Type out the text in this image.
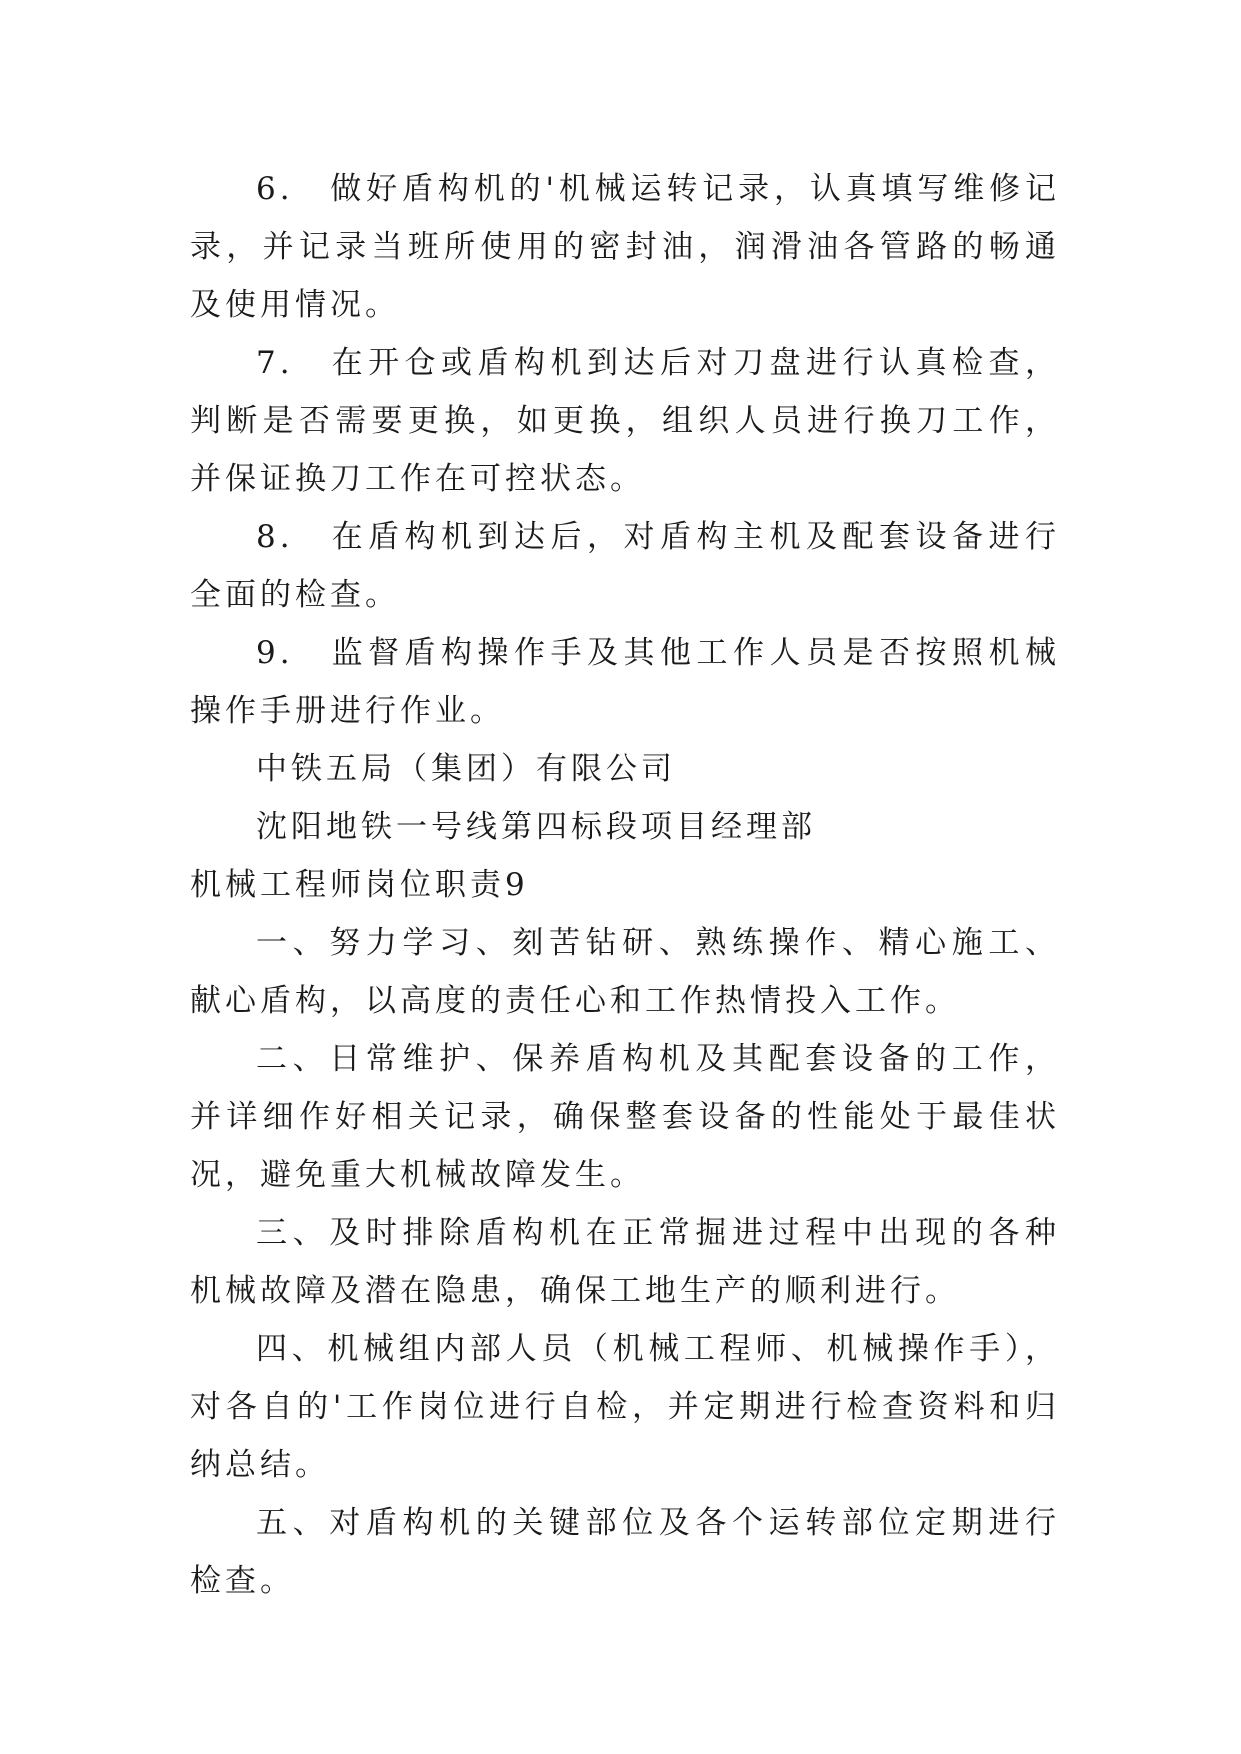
6.　做好盾构机的'机械运转记录，认真填写维修记录，并记录当班所使用的密封油，润滑油各管路的畅通及使用情况。

7.　在开仓或盾构机到达后对刀盘进行认真检查，判断是否需要更换，如更换，组织人员进行换刀工作，并保证换刀工作在可控状态。

8.　在盾构机到达后，对盾构主机及配套设备进行全面的检查。

9.　监督盾构操作手及其他工作人员是否按照机械操作手册进行作业。

中铁五局（集团）有限公司

沈阳地铁一号线第四标段项目经理部

机械工程师岗位职责9

一、努力学习、刻苦钻研、熟练操作、精心施工、献心盾构，以高度的责任心和工作热情投入工作。

二、日常维护、保养盾构机及其配套设备的工作，并详细作好相关记录，确保整套设备的性能处于最佳状况，避免重大机械故障发生。

三、及时排除盾构机在正常掘进过程中出现的各种机械故障及潜在隐患，确保工地生产的顺利进行。

四、机械组内部人员（机械工程师、机械操作手），对各自的'工作岗位进行自检，并定期进行检查资料和归纳总结。

五、对盾构机的关键部位及各个运转部位定期进行检查。
